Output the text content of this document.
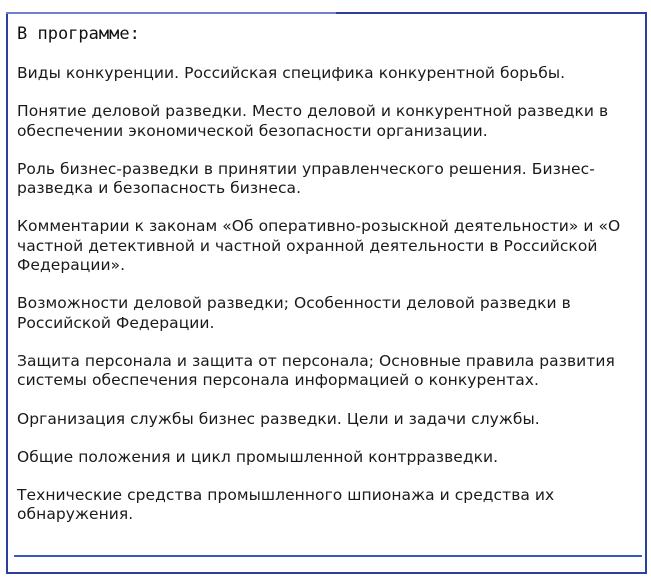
В программе:
Виды конкуренции. Российская специфика конкурентной борьбы.
Понятие деловой разведки. Место деловой и конкурентной разведки в обеспечении экономической безопасности организации.
Роль бизнес-разведки в принятии управленческого решения. Бизнес-разведка и безопасность бизнеса.
Комментарии к законам «Об оперативно-розыскной деятельности» и «О частной детективной и частной охранной деятельности в Российской Федерации».
Возможности деловой разведки; Особенности деловой разведки в Российской Федерации.
Защита персонала и защита от персонала; Основные правила развития системы обеспечения персонала информацией о конкурентах.
Организация службы бизнес разведки. Цели и задачи службы.
Общие положения и цикл промышленной контрразведки.
Технические средства промышленного шпионажа и средства их обнаружения.
